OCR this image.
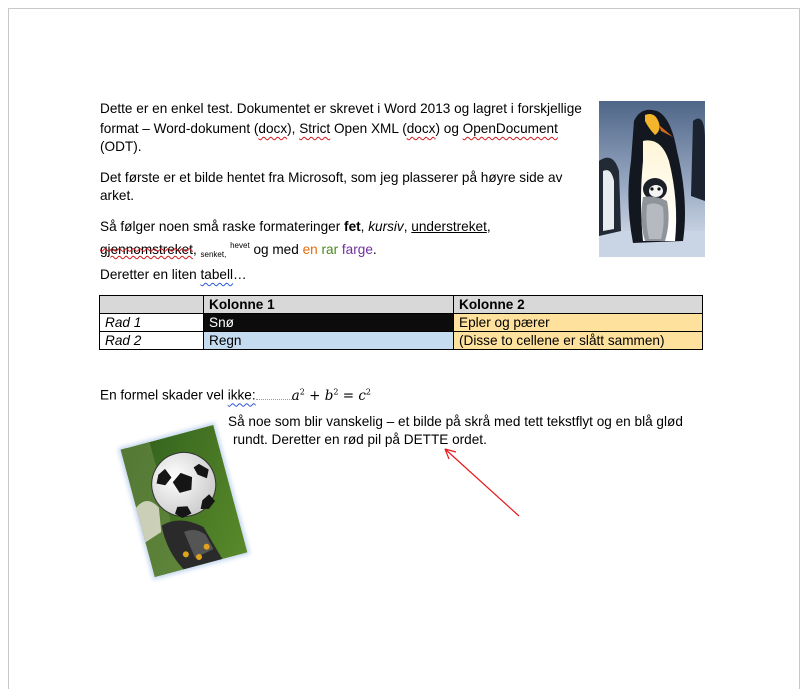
Dette er en enkel test. Dokumentet er skrevet i Word 2013 og lagret i forskjellige
format – Word-dokument (docx), Strict Open XML (docx) og OpenDocument
(ODT).
Det første er et bilde hentet fra Microsoft, som jeg plasserer på høyre side av
arket.
Så følger noen små raske formateringer fet, kursiv, understreket,
gjennomstreket, $_{senket,}$ $^{hevet}$ og med en rar farge.
Deretter en liten tabell…
	Kolonne 1	Kolonne 2
Rad 1	Snø	Epler og pærer
Rad 2	Regn	(Disse to cellene er slått sammen)
En formel skader vel ikke:	$a^2 + b^2 = c^2$
Så noe som blir vanskelig – et bilde på skrå med tett tekstflyt og en blå glød
rundt. Deretter en rød pil på DETTE ordet.
